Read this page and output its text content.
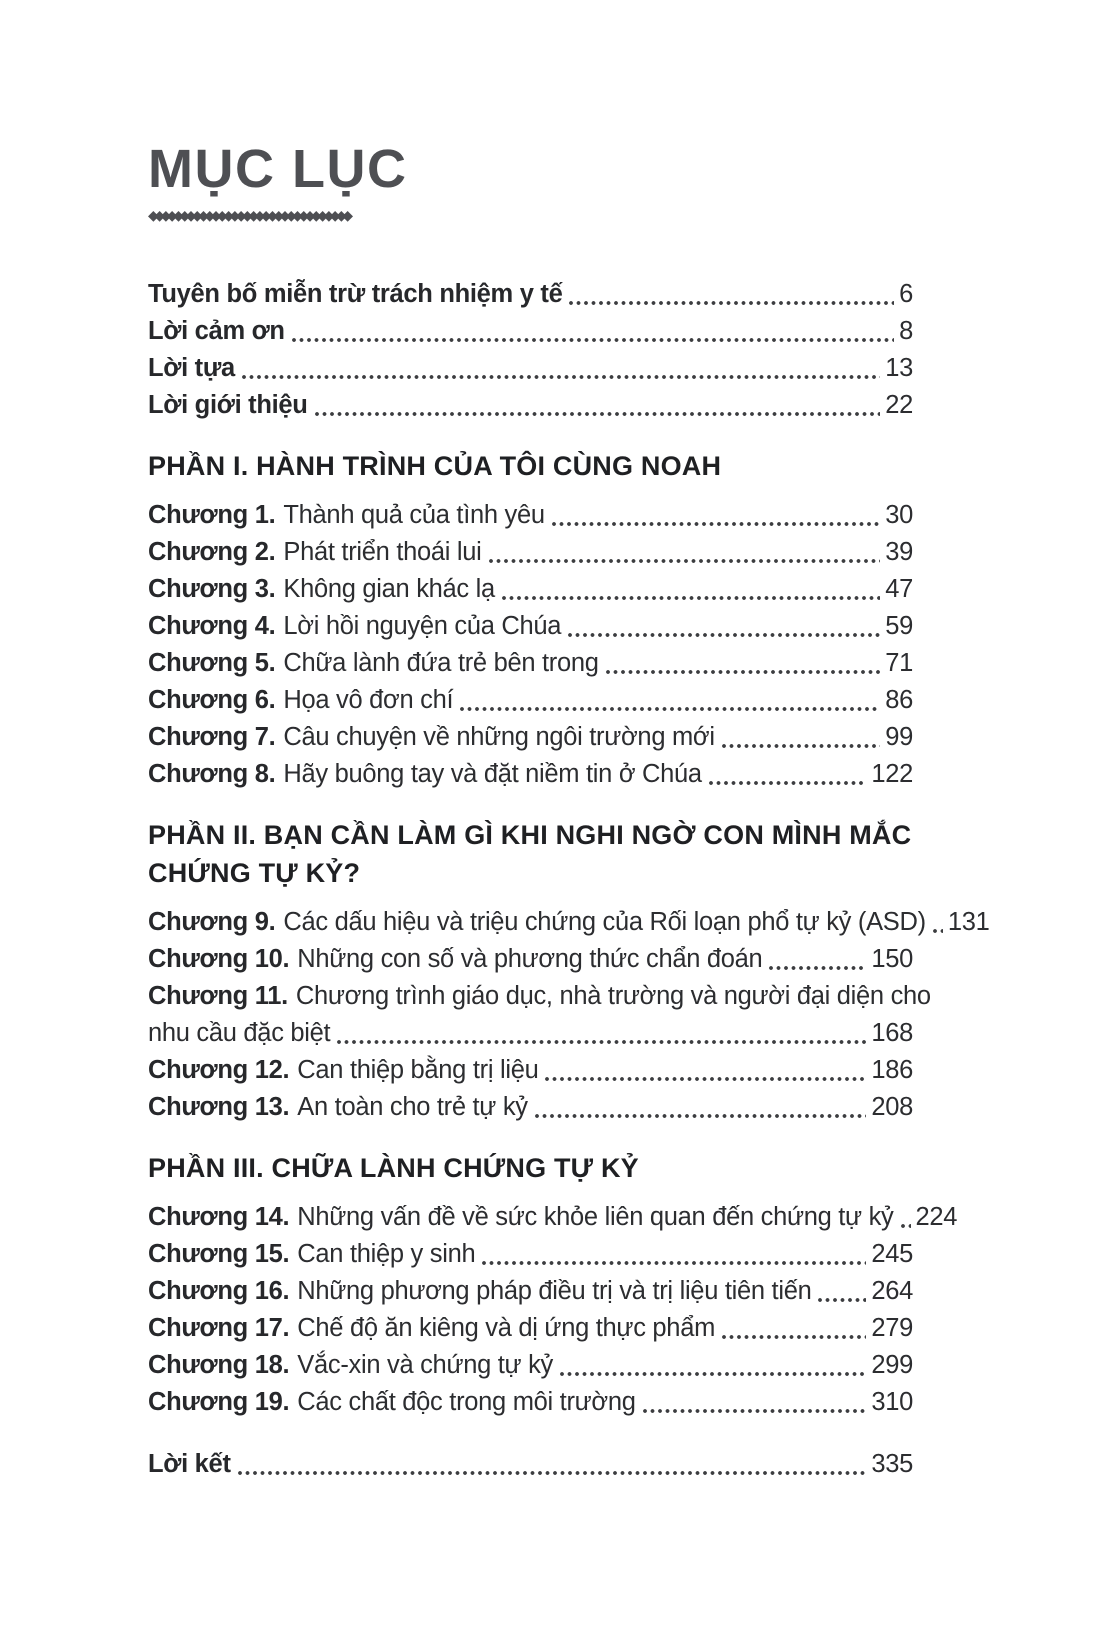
MỤC LỤC
◆◆◆◆◆◆◆◆◆◆◆◆◆◆◆◆◆◆◆◆◆◆◆◆◆◆◆◆◆◆◆◆
Tuyên bố miễn trừ trách nhiệm y tế	6
Lời cảm ơn	8
Lời tựa	13
Lời giới thiệu	22
PHẦN I. HÀNH TRÌNH CỦA TÔI CÙNG NOAH
Chương 1. Thành quả của tình yêu	30
Chương 2. Phát triển thoái lui	39
Chương 3. Không gian khác lạ	47
Chương 4. Lời hồi nguyện của Chúa	59
Chương 5. Chữa lành đứa trẻ bên trong	71
Chương 6. Họa vô đơn chí	86
Chương 7. Câu chuyện về những ngôi trường mới	99
Chương 8. Hãy buông tay và đặt niềm tin ở Chúa	122
PHẦN II. BẠN CẦN LÀM GÌ KHI NGHI NGỜ CON MÌNH MẮC CHỨNG TỰ KỶ?
Chương 9. Các dấu hiệu và triệu chứng của Rối loạn phổ tự kỷ (ASD) 131
Chương 10. Những con số và phương thức chẩn đoán	150
Chương 11. Chương trình giáo dục, nhà trường và người đại diện cho
nhu cầu đặc biệt	168
Chương 12. Can thiệp bằng trị liệu	186
Chương 13. An toàn cho trẻ tự kỷ	208
PHẦN III. CHỮA LÀNH CHỨNG TỰ KỶ
Chương 14. Những vấn đề về sức khỏe liên quan đến chứng tự kỷ 224
Chương 15. Can thiệp y sinh	245
Chương 16. Những phương pháp điều trị và trị liệu tiên tiến 264
Chương 17. Chế độ ăn kiêng và dị ứng thực phẩm	279
Chương 18. Vắc-xin và chứng tự kỷ	299
Chương 19. Các chất độc trong môi trường	310
Lời kết	335
